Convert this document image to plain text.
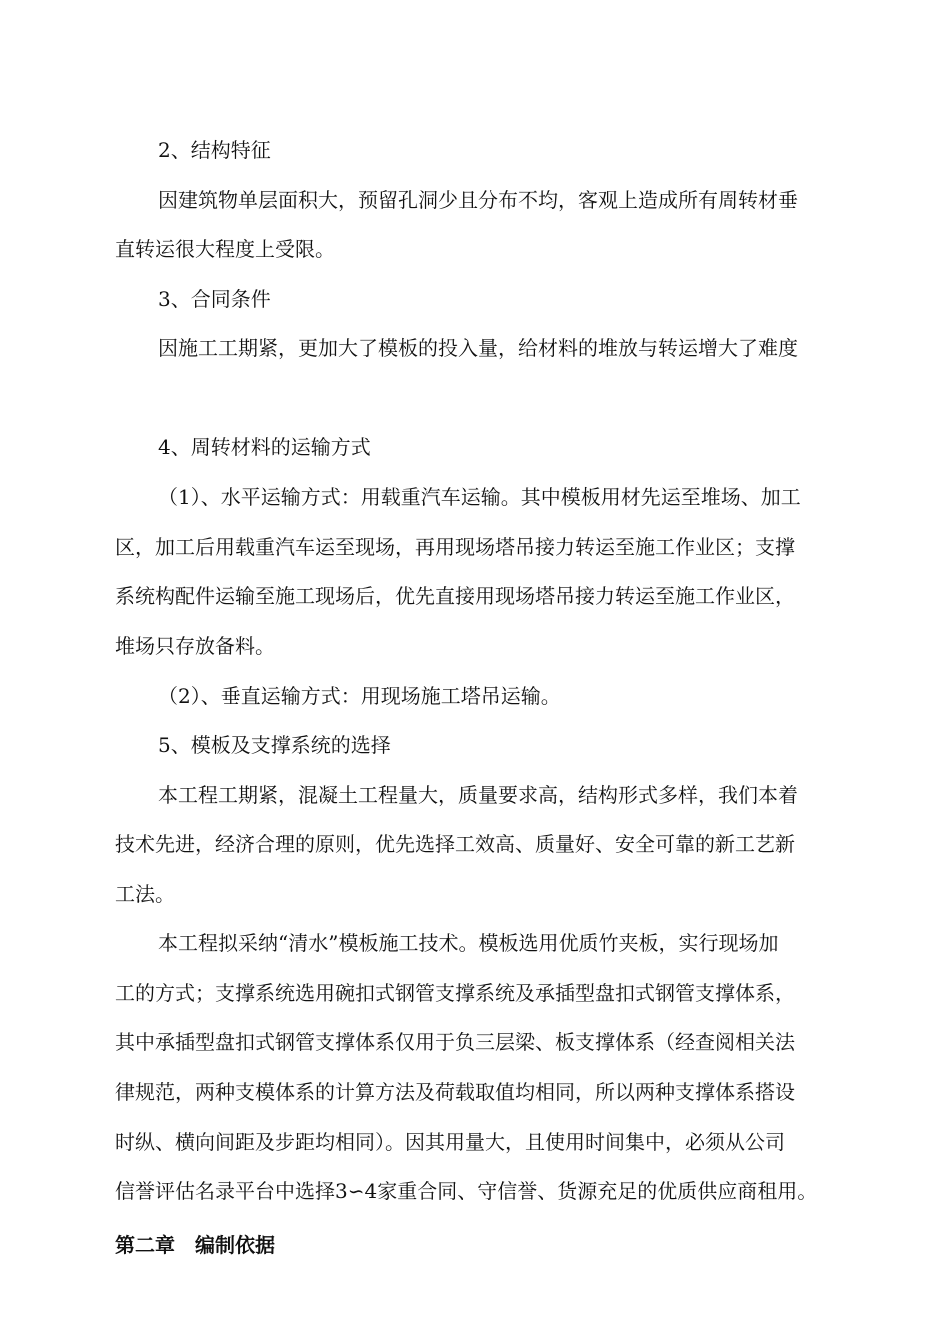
2、结构特征
因建筑物单层面积大，预留孔洞少且分布不均，客观上造成所有周转材垂
直转运很大程度上受限。
3、合同条件
因施工工期紧，更加大了模板的投入量，给材料的堆放与转运增大了难度
4、周转材料的运输方式
（1）、水平运输方式：用载重汽车运输。其中模板用材先运至堆场、加工
区，加工后用载重汽车运至现场，再用现场塔吊接力转运至施工作业区；支撑
系统构配件运输至施工现场后，优先直接用现场塔吊接力转运至施工作业区，
堆场只存放备料。
（2）、垂直运输方式：用现场施工塔吊运输。
5、模板及支撑系统的选择
本工程工期紧，混凝土工程量大，质量要求高，结构形式多样，我们本着
技术先进，经济合理的原则，优先选择工效高、质量好、安全可靠的新工艺新
工法。
本工程拟采纳“清水”模板施工技术。模板选用优质竹夹板，实行现场加
工的方式；支撑系统选用碗扣式钢管支撑系统及承插型盘扣式钢管支撑体系，
其中承插型盘扣式钢管支撑体系仅用于负三层梁、板支撑体系（经查阅相关法
律规范，两种支模体系的计算方法及荷载取值均相同，所以两种支撑体系搭设
时纵、横向间距及步距均相同）。因其用量大，且使用时间集中，必须从公司
信誉评估名录平台中选择3∽4家重合同、守信誉、货源充足的优质供应商租用。
第二章　编制依据
